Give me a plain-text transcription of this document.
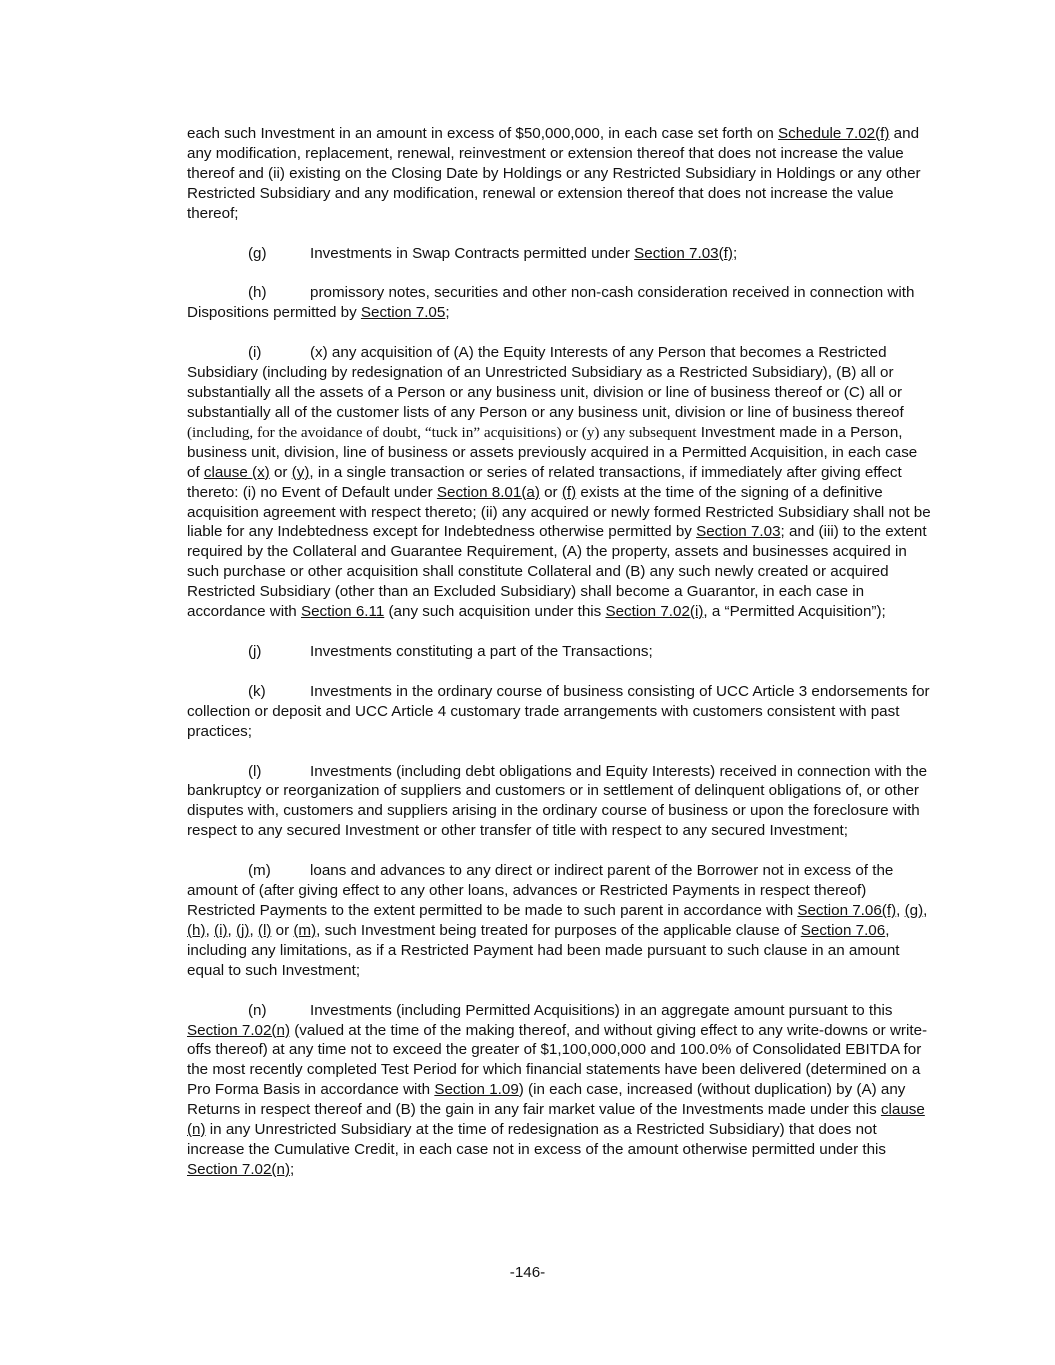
each such Investment in an amount in excess of $50,000,000, in each case set forth on Schedule 7.02(f) and any modification, replacement, renewal, reinvestment or extension thereof that does not increase the value thereof and (ii) existing on the Closing Date by Holdings or any Restricted Subsidiary in Holdings or any other Restricted Subsidiary and any modification, renewal or extension thereof that does not increase the value thereof;

(g)	Investments in Swap Contracts permitted under Section 7.03(f);

(h)	promissory notes, securities and other non-cash consideration received in connection with Dispositions permitted by Section 7.05;

(i)	(x) any acquisition of (A) the Equity Interests of any Person that becomes a Restricted Subsidiary (including by redesignation of an Unrestricted Subsidiary as a Restricted Subsidiary), (B) all or substantially all the assets of a Person or any business unit, division or line of business thereof or (C) all or substantially all of the customer lists of any Person or any business unit, division or line of business thereof (including, for the avoidance of doubt, “tuck in” acquisitions) or (y) any subsequent Investment made in a Person, business unit, division, line of business or assets previously acquired in a Permitted Acquisition, in each case of clause (x) or (y), in a single transaction or series of related transactions, if immediately after giving effect thereto: (i) no Event of Default under Section 8.01(a) or (f) exists at the time of the signing of a definitive acquisition agreement with respect thereto; (ii) any acquired or newly formed Restricted Subsidiary shall not be liable for any Indebtedness except for Indebtedness otherwise permitted by Section 7.03; and (iii) to the extent required by the Collateral and Guarantee Requirement, (A) the property, assets and businesses acquired in such purchase or other acquisition shall constitute Collateral and (B) any such newly created or acquired Restricted Subsidiary (other than an Excluded Subsidiary) shall become a Guarantor, in each case in accordance with Section 6.11 (any such acquisition under this Section 7.02(i), a “Permitted Acquisition”);

(j)	Investments constituting a part of the Transactions;

(k)	Investments in the ordinary course of business consisting of UCC Article 3 endorsements for collection or deposit and UCC Article 4 customary trade arrangements with customers consistent with past practices;

(l)	Investments (including debt obligations and Equity Interests) received in connection with the bankruptcy or reorganization of suppliers and customers or in settlement of delinquent obligations of, or other disputes with, customers and suppliers arising in the ordinary course of business or upon the foreclosure with respect to any secured Investment or other transfer of title with respect to any secured Investment;

(m)	loans and advances to any direct or indirect parent of the Borrower not in excess of the amount of (after giving effect to any other loans, advances or Restricted Payments in respect thereof) Restricted Payments to the extent permitted to be made to such parent in accordance with Section 7.06(f), (g), (h), (i), (j), (l) or (m), such Investment being treated for purposes of the applicable clause of Section 7.06, including any limitations, as if a Restricted Payment had been made pursuant to such clause in an amount equal to such Investment;

(n)	Investments (including Permitted Acquisitions) in an aggregate amount pursuant to this Section 7.02(n) (valued at the time of the making thereof, and without giving effect to any write-downs or write-offs thereof) at any time not to exceed the greater of $1,100,000,000 and 100.0% of Consolidated EBITDA for the most recently completed Test Period for which financial statements have been delivered (determined on a Pro Forma Basis in accordance with Section 1.09) (in each case, increased (without duplication) by (A) any Returns in respect thereof and (B) the gain in any fair market value of the Investments made under this clause (n) in any Unrestricted Subsidiary at the time of redesignation as a Restricted Subsidiary) that does not increase the Cumulative Credit, in each case not in excess of the amount otherwise permitted under this Section 7.02(n);

-146-
